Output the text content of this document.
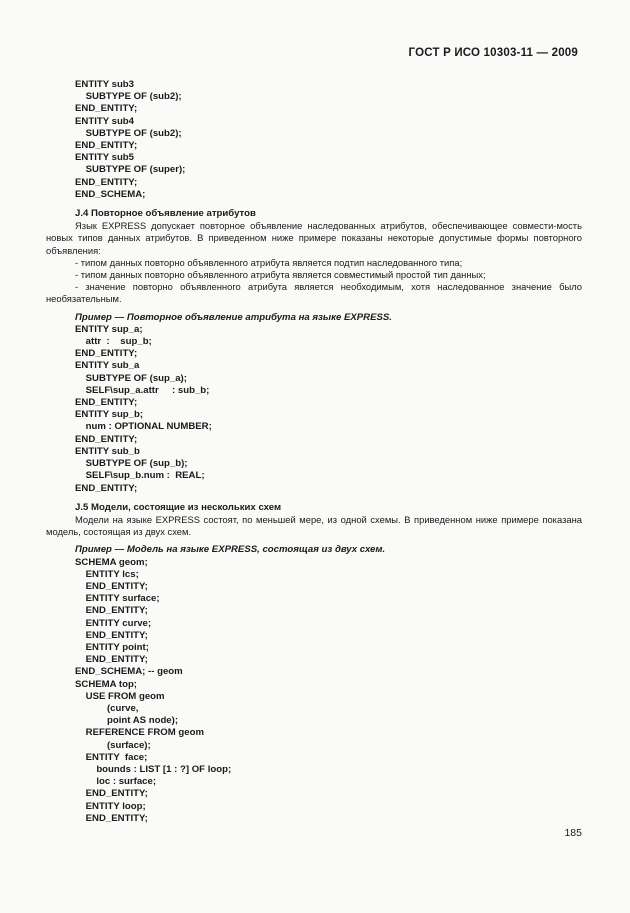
ГОСТ Р ИСО 10303-11 — 2009
ENTITY sub3
SUBTYPE OF (sub2);
END_ENTITY;
ENTITY sub4
SUBTYPE OF (sub2);
END_ENTITY;
ENTITY sub5
SUBTYPE OF (super);
END_ENTITY;
END_SCHEMA;
J.4 Повторное объявление атрибутов

Язык EXPRESS допускает повторное объявление наследованных атрибутов, обеспечивающее совмести-мость новых типов данных атрибутов. В приведенном ниже примере показаны некоторые допустимые формы повторного объявления:

- типом данных повторно объявленного атрибута является подтип наследованного типа;

- типом данных повторно объявленного атрибута является совместимый простой тип данных;

- значение повторно объявленного атрибута является необходимым, хотя наследованное значение было необязательным.

Пример — Повторное объявление атрибута на языке EXPRESS.
ENTITY sup_a;
attr  :    sup_b;
END_ENTITY;
ENTITY sub_a
SUBTYPE OF (sup_a);
SELF\sup_a.attr     : sub_b;
END_ENTITY;
ENTITY sup_b;
num : OPTIONAL NUMBER;
END_ENTITY;
ENTITY sub_b
SUBTYPE OF (sup_b);
SELF\sup_b.num :  REAL;
END_ENTITY;
J.5 Модели, состоящие из нескольких схем

Модели на языке EXPRESS состоят, по меньшей мере, из одной схемы. В приведенном ниже примере показана модель, состоящая из двух схем.

Пример — Модель на языке EXPRESS, состоящая из двух схем.
SCHEMA geom;
ENTITY lcs;
END_ENTITY;
ENTITY surface;
END_ENTITY;
ENTITY curve;
END_ENTITY;
ENTITY point;
END_ENTITY;
END_SCHEMA; -- geom
SCHEMA top;
USE FROM geom
(curve,
point AS node);
REFERENCE FROM geom
(surface);
ENTITY  face;
bounds : LIST [1 : ?] OF loop;
loc : surface;
END_ENTITY;
ENTITY loop;
END_ENTITY;
185
